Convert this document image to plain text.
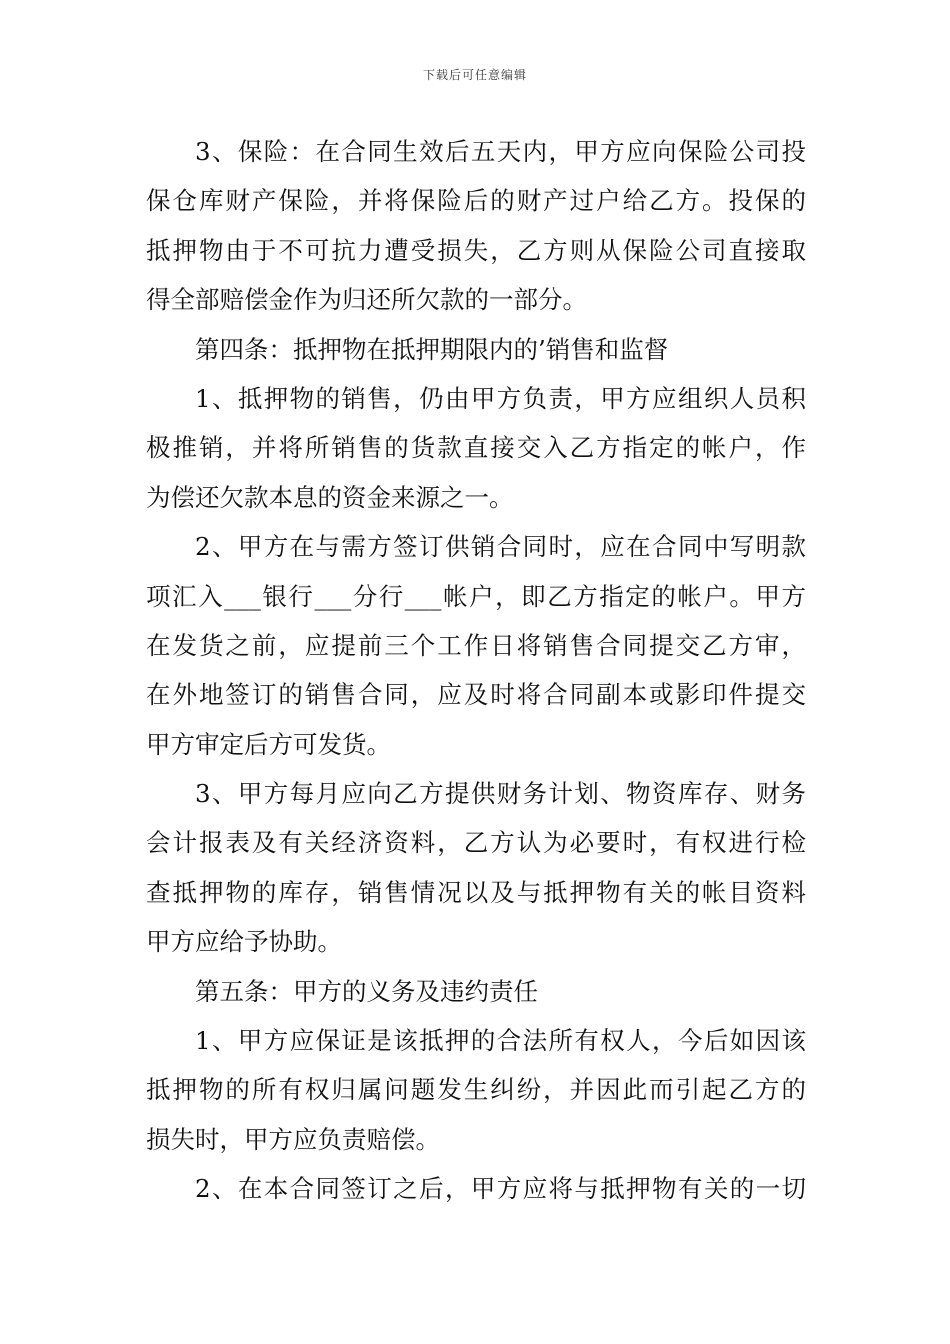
下载后可任意编辑
3、保险：在合同生效后五天内，甲方应向保险公司投
保仓库财产保险，并将保险后的财产过户给乙方。投保的
抵押物由于不可抗力遭受损失，乙方则从保险公司直接取
得全部赔偿金作为归还所欠款的一部分。
第四条：抵押物在抵押期限内的’销售和监督
1、抵押物的销售，仍由甲方负责，甲方应组织人员积
极推销，并将所销售的货款直接交入乙方指定的帐户，作
为偿还欠款本息的资金来源之一。
2、甲方在与需方签订供销合同时，应在合同中写明款
项汇入___银行___分行___帐户，即乙方指定的帐户。甲方
在发货之前，应提前三个工作日将销售合同提交乙方审，
在外地签订的销售合同，应及时将合同副本或影印件提交
甲方审定后方可发货。
3、甲方每月应向乙方提供财务计划、物资库存、财务
会计报表及有关经济资料，乙方认为必要时，有权进行检
查抵押物的库存，销售情况以及与抵押物有关的帐目资料
甲方应给予协助。
第五条：甲方的义务及违约责任
1、甲方应保证是该抵押的合法所有权人，今后如因该
抵押物的所有权归属问题发生纠纷，并因此而引起乙方的
损失时，甲方应负责赔偿。
2、在本合同签订之后，甲方应将与抵押物有关的一切
